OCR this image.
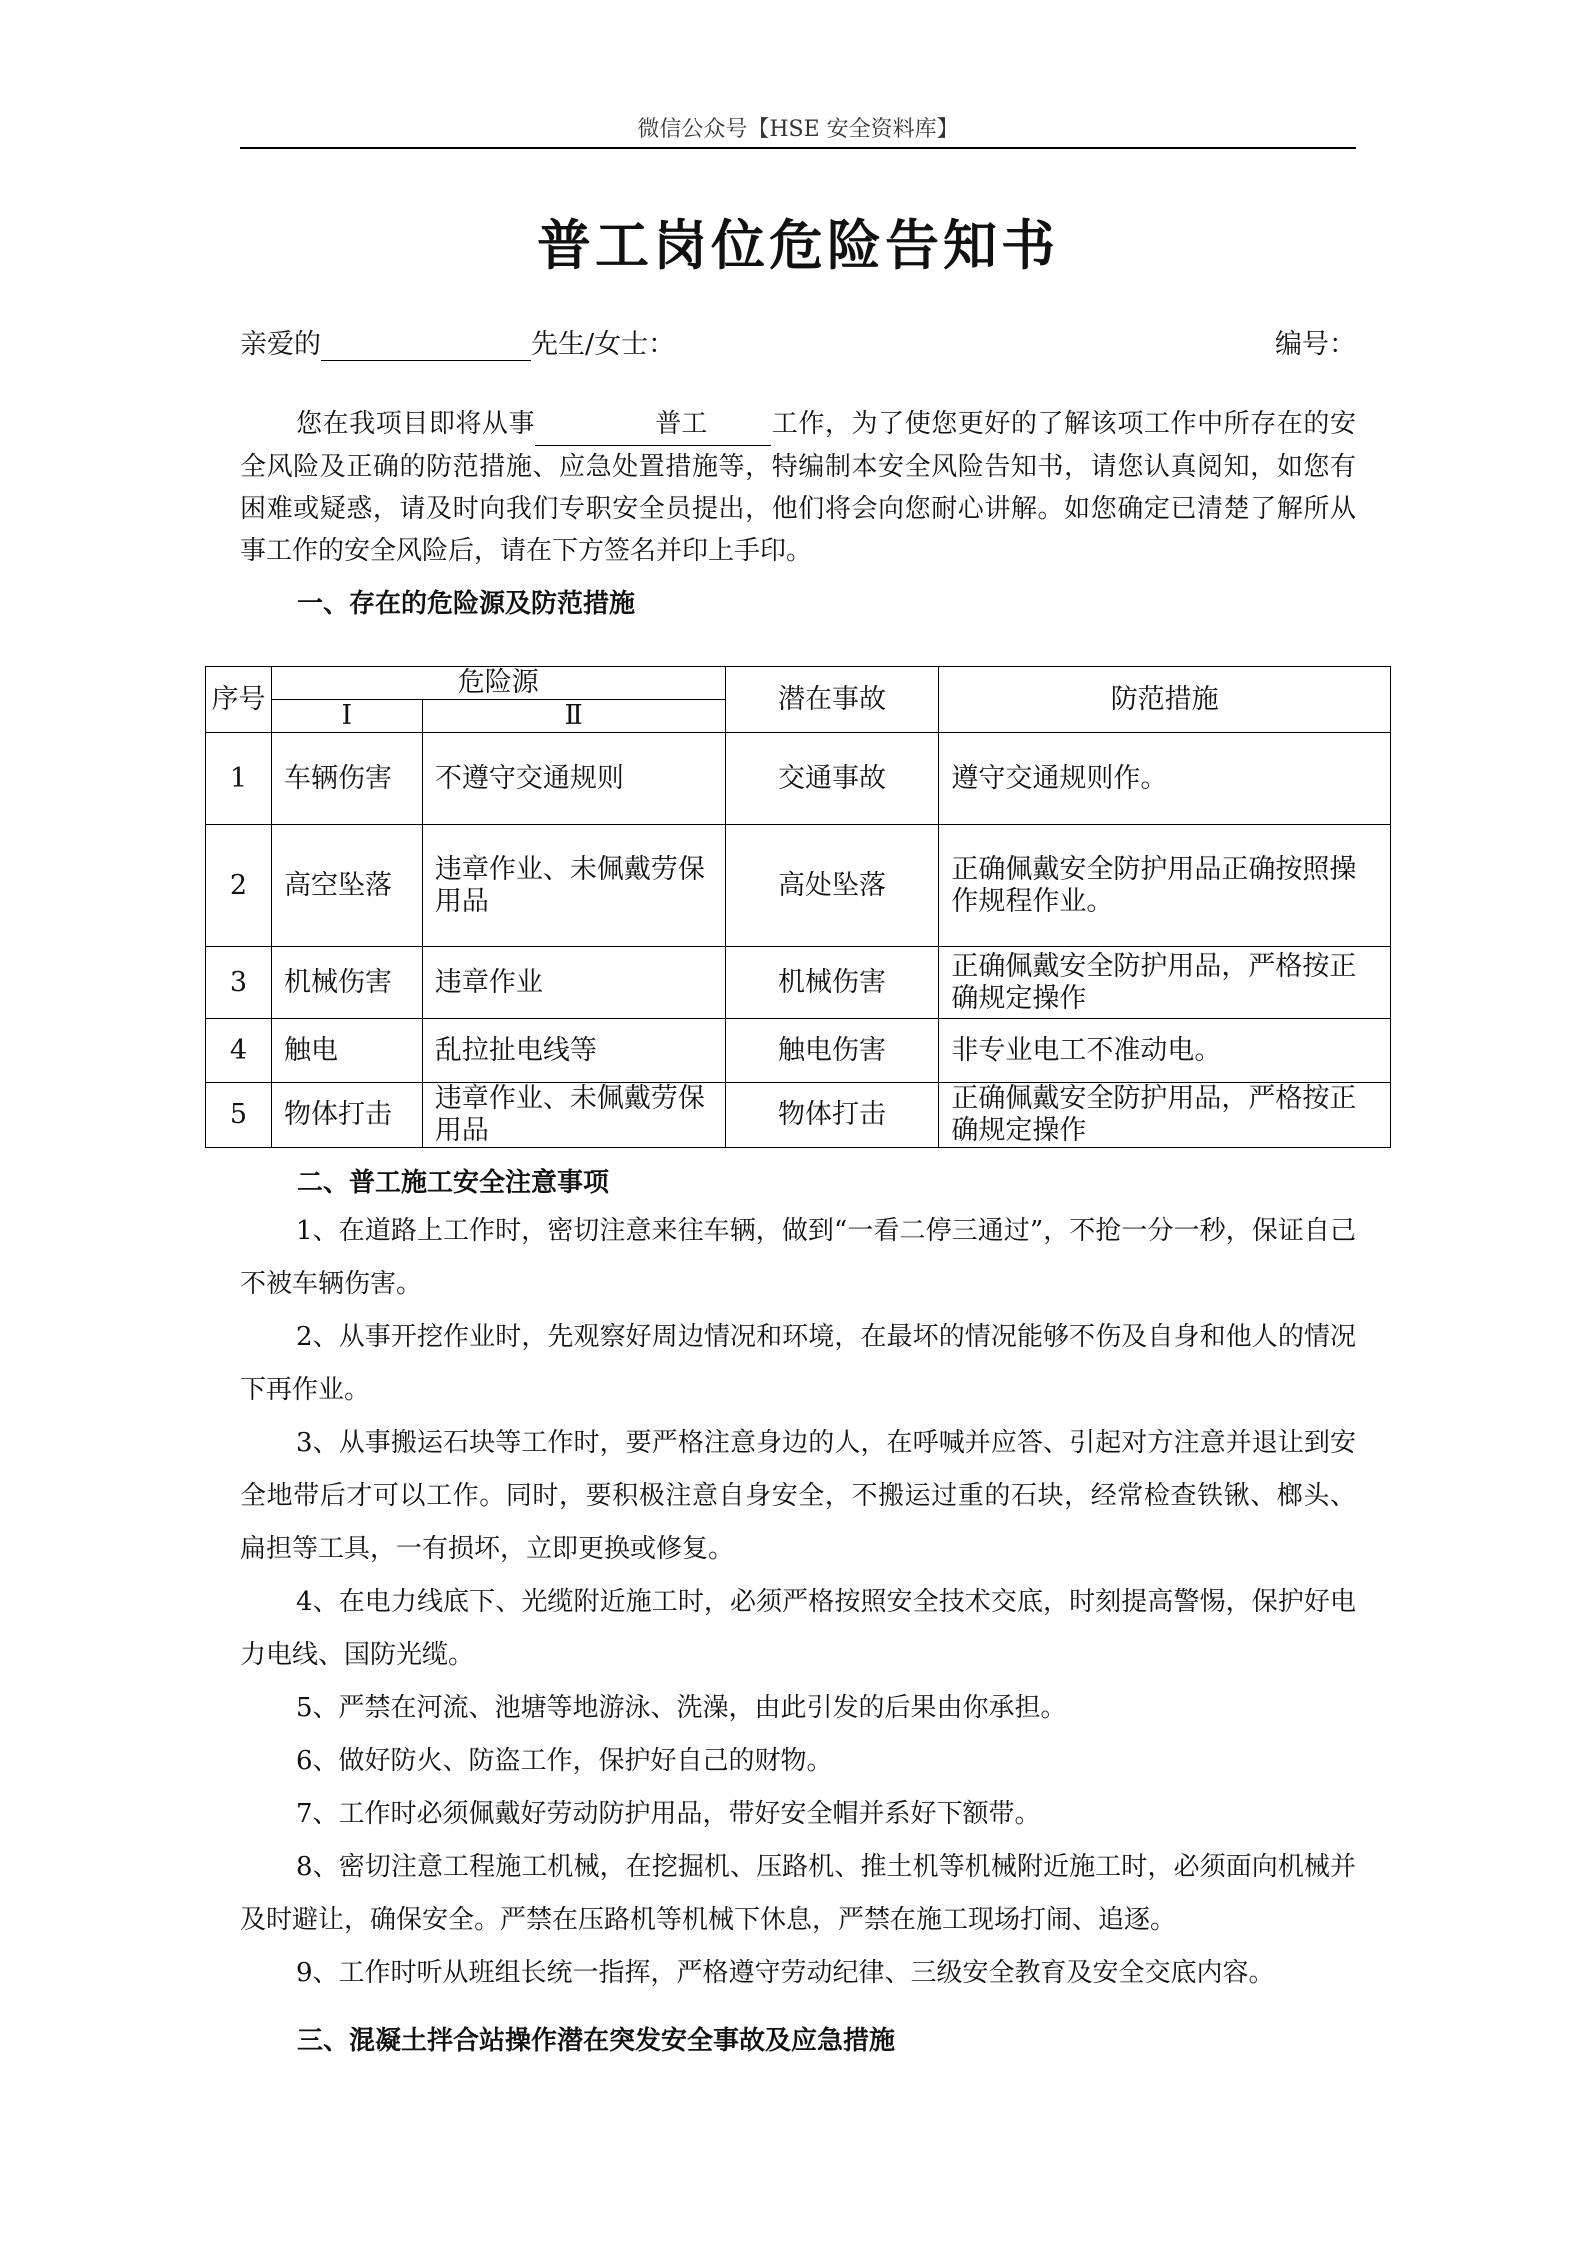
微信公众号【HSE 安全资料库】
普工岗位危险告知书
亲爱的	先生/女士：	编号：
您在我项目即将从事	普工 工作，为了使您更好的了解该项工作中所存在的安全风险及正确的防范措施、应急处置措施等，特编制本安全风险告知书，请您认真阅知，如您有困难或疑惑，请及时向我们专职安全员提出，他们将会向您耐心讲解。如您确定已清楚了解所从事工作的安全风险后，请在下方签名并印上手印。
一、存在的危险源及防范措施
序号	危险源		潜在事故	防范措施
	Ⅰ	Ⅱ		
1	车辆伤害	不遵守交通规则	交通事故	遵守交通规则作。
2	高空坠落	违章作业、未佩戴劳保用品	高处坠落	正确佩戴安全防护用品正确按照操作规程作业。
3	机械伤害	违章作业	机械伤害	正确佩戴安全防护用品，严格按正确规定操作
4	触电	乱拉扯电线等	触电伤害	非专业电工不准动电。
5	物体打击	违章作业、未佩戴劳保用品	物体打击	正确佩戴安全防护用品，严格按正确规定操作
二、普工施工安全注意事项

1、在道路上工作时，密切注意来往车辆，做到“一看二停三通过”，不抢一分一秒，保证自己不被车辆伤害。

2、从事开挖作业时，先观察好周边情况和环境，在最坏的情况能够不伤及自身和他人的情况下再作业。

3、从事搬运石块等工作时，要严格注意身边的人，在呼喊并应答、引起对方注意并退让到安全地带后才可以工作。同时，要积极注意自身安全，不搬运过重的石块，经常检查铁锹、榔头、扁担等工具，一有损坏，立即更换或修复。

4、在电力线底下、光缆附近施工时，必须严格按照安全技术交底，时刻提高警惕，保护好电力电线、国防光缆。

5、严禁在河流、池塘等地游泳、洗澡，由此引发的后果由你承担。

6、做好防火、防盗工作，保护好自己的财物。

7、工作时必须佩戴好劳动防护用品，带好安全帽并系好下额带。

8、密切注意工程施工机械，在挖掘机、压路机、推土机等机械附近施工时，必须面向机械并及时避让，确保安全。严禁在压路机等机械下休息，严禁在施工现场打闹、追逐。

9、工作时听从班组长统一指挥，严格遵守劳动纪律、三级安全教育及安全交底内容。

三、混凝土拌合站操作潜在突发安全事故及应急措施
